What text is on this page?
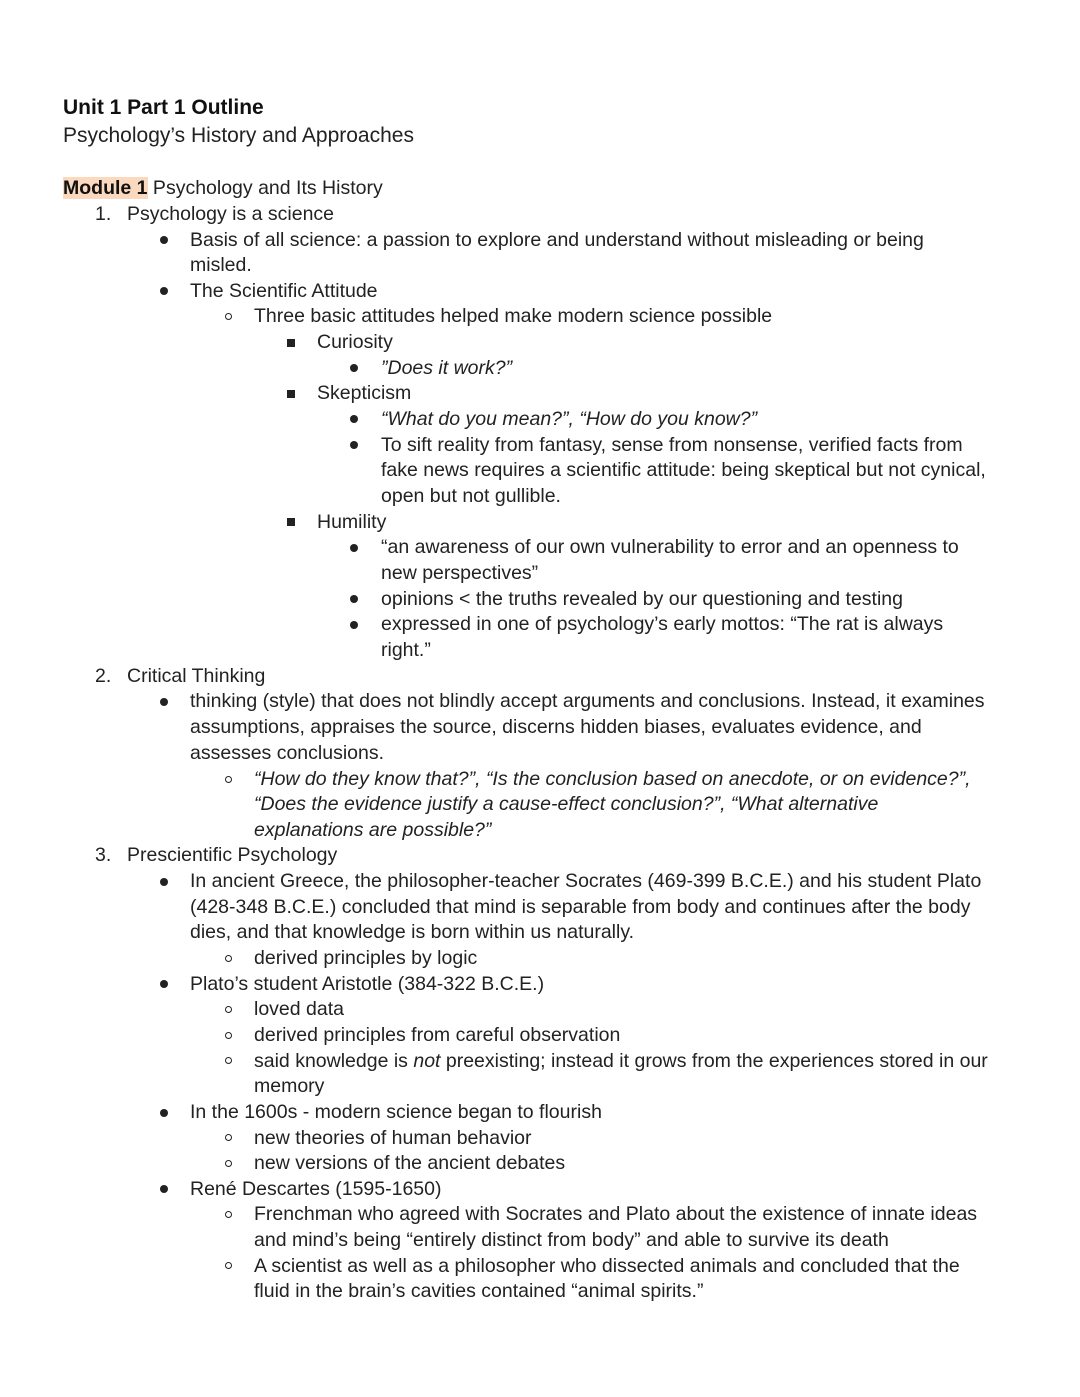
Unit 1 Part 1 Outline
Psychology’s History and Approaches
Module 1 Psychology and Its History
1. Psychology is a science
Basis of all science: a passion to explore and understand without misleading or being
misled.
The Scientific Attitude
Three basic attitudes helped make modern science possible
Curiosity
”Does it work?”
Skepticism
“What do you mean?”, “How do you know?”
To sift reality from fantasy, sense from nonsense, verified facts from
fake news requires a scientific attitude: being skeptical but not cynical,
open but not gullible.
Humility
“an awareness of our own vulnerability to error and an openness to
new perspectives”
opinions < the truths revealed by our questioning and testing
expressed in one of psychology’s early mottos: “The rat is always
right.”
2. Critical Thinking
thinking (style) that does not blindly accept arguments and conclusions. Instead, it examines
assumptions, appraises the source, discerns hidden biases, evaluates evidence, and
assesses conclusions.
“How do they know that?”, “Is the conclusion based on anecdote, or on evidence?”,
“Does the evidence justify a cause-effect conclusion?”, “What alternative
explanations are possible?”
3. Prescientific Psychology
In ancient Greece, the philosopher-teacher Socrates (469-399 B.C.E.) and his student Plato
(428-348 B.C.E.) concluded that mind is separable from body and continues after the body
dies, and that knowledge is born within us naturally.
derived principles by logic
Plato’s student Aristotle (384-322 B.C.E.)
loved data
derived principles from careful observation
said knowledge is not preexisting; instead it grows from the experiences stored in our
memory
In the 1600s - modern science began to flourish
new theories of human behavior
new versions of the ancient debates
René Descartes (1595-1650)
Frenchman who agreed with Socrates and Plato about the existence of innate ideas
and mind’s being “entirely distinct from body” and able to survive its death
A scientist as well as a philosopher who dissected animals and concluded that the
fluid in the brain’s cavities contained “animal spirits.”
